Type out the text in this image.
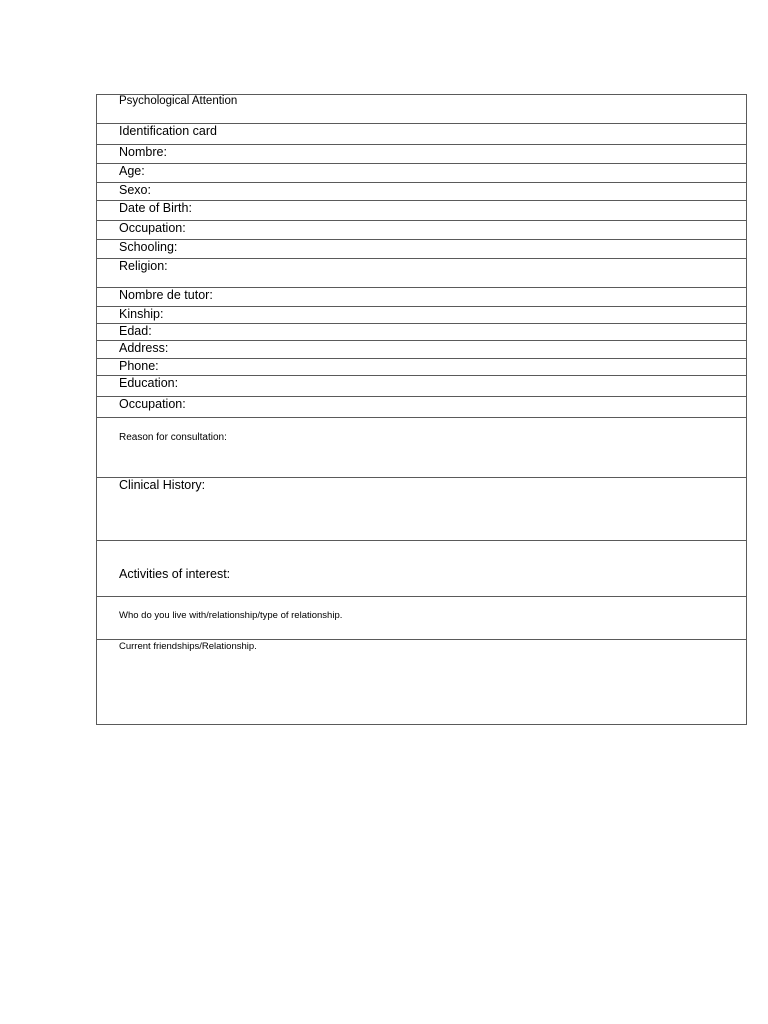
Psychological Attention
Identification card
Nombre:
Age:
Sexo:
Date of Birth:
Occupation:
Schooling:
Religion:
Nombre de tutor:
Kinship:
Edad:
Address:
Phone:
Education:
Occupation:
Reason for consultation:
Clinical History:
Activities of interest:
Who do you live with/relationship/type of relationship.
Current friendships/Relationship.
